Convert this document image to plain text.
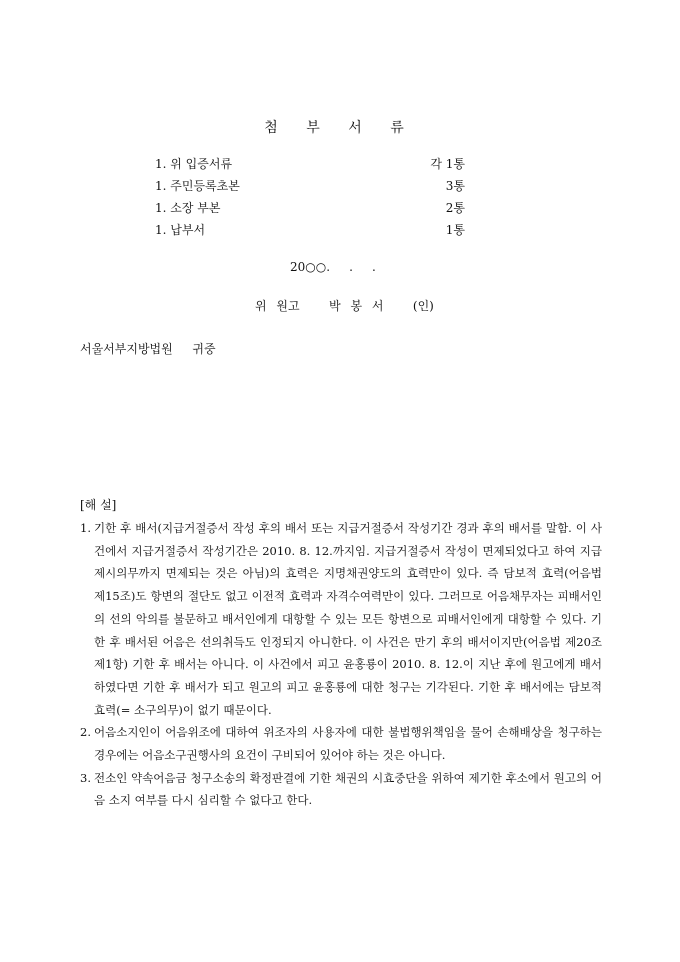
첨 부 서 류
1. 위 입증서류	각 1통
1. 주민등록초본	3통
1. 소장 부본	2통
1. 납부서	1통
20○○.     .     .
위 원고   박 봉 서   (인)
서울서부지방법원  귀중
[해 설]
1. 기한 후 배서(지급거절증서 작성 후의 배서 또는 지급거절증서 작성기간 경과 후의 배서를 말함. 이 사건에서 지급거절증서 작성기간은 2010. 8. 12.까지임. 지급거절증서 작성이 면제되었다고 하여 지급제시의무까지 면제되는 것은 아님)의 효력은 지명채권양도의 효력만이 있다. 즉 담보적 효력(어음법 제15조)도 항변의 절단도 없고 이전적 효력과 자격수여력만이 있다. 그러므로 어음채무자는 피배서인의 선의 악의를 불문하고 배서인에게 대항할 수 있는 모든 항변으로 피배서인에게 대항할 수 있다. 기한 후 배서된 어음은 선의취득도 인정되지 아니한다. 이 사건은 만기 후의 배서이지만(어음법 제20조 제1항) 기한 후 배서는 아니다. 이 사건에서 피고 윤홍룡이 2010. 8. 12.이 지난 후에 원고에게 배서하였다면 기한 후 배서가 되고 원고의 피고 윤홍룡에 대한 청구는 기각된다. 기한 후 배서에는 담보적 효력(= 소구의무)이 없기 때문이다.
2. 어음소지인이 어음위조에 대하여 위조자의 사용자에 대한 불법행위책임을 물어 손해배상을 청구하는 경우에는 어음소구권행사의 요건이 구비되어 있어야 하는 것은 아니다.
3. 전소인 약속어음금 청구소송의 확정판결에 기한 채권의 시효중단을 위하여 제기한 후소에서 원고의 어음 소지 여부를 다시 심리할 수 없다고 한다.
